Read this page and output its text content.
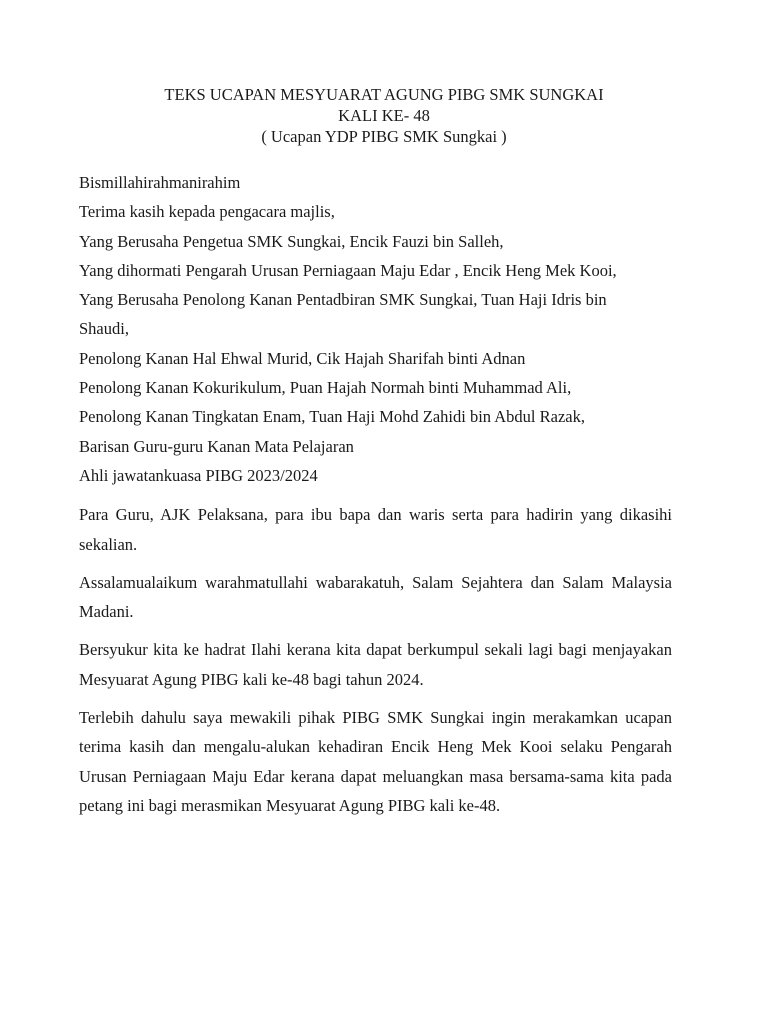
TEKS UCAPAN MESYUARAT AGUNG PIBG SMK SUNGKAI
KALI KE- 48
( Ucapan YDP PIBG SMK Sungkai )
Bismillahirahmanirahim
Terima kasih kepada pengacara majlis,
Yang Berusaha Pengetua SMK Sungkai, Encik Fauzi bin Salleh,
Yang dihormati Pengarah Urusan Perniagaan Maju Edar , Encik Heng Mek Kooi,
Yang Berusaha Penolong Kanan Pentadbiran SMK Sungkai, Tuan Haji Idris bin
Shaudi,
Penolong Kanan Hal Ehwal Murid, Cik Hajah Sharifah binti Adnan
Penolong Kanan Kokurikulum, Puan Hajah Normah binti Muhammad Ali,
Penolong Kanan Tingkatan Enam, Tuan Haji Mohd Zahidi bin Abdul Razak,
Barisan Guru-guru Kanan Mata Pelajaran
Ahli jawatankuasa PIBG 2023/2024

Para Guru, AJK Pelaksana, para ibu bapa dan waris serta para hadirin yang dikasihi sekalian.

Assalamualaikum warahmatullahi wabarakatuh, Salam Sejahtera dan Salam Malaysia Madani.

Bersyukur kita ke hadrat Ilahi kerana kita dapat berkumpul sekali lagi bagi menjayakan Mesyuarat Agung PIBG kali ke-48 bagi tahun 2024.

Terlebih dahulu saya mewakili pihak PIBG SMK Sungkai ingin merakamkan ucapan terima kasih dan mengalu-alukan kehadiran Encik Heng Mek Kooi selaku Pengarah Urusan Perniagaan Maju Edar kerana dapat meluangkan masa bersama-sama kita pada petang ini bagi merasmikan Mesyuarat Agung PIBG kali ke-48.
